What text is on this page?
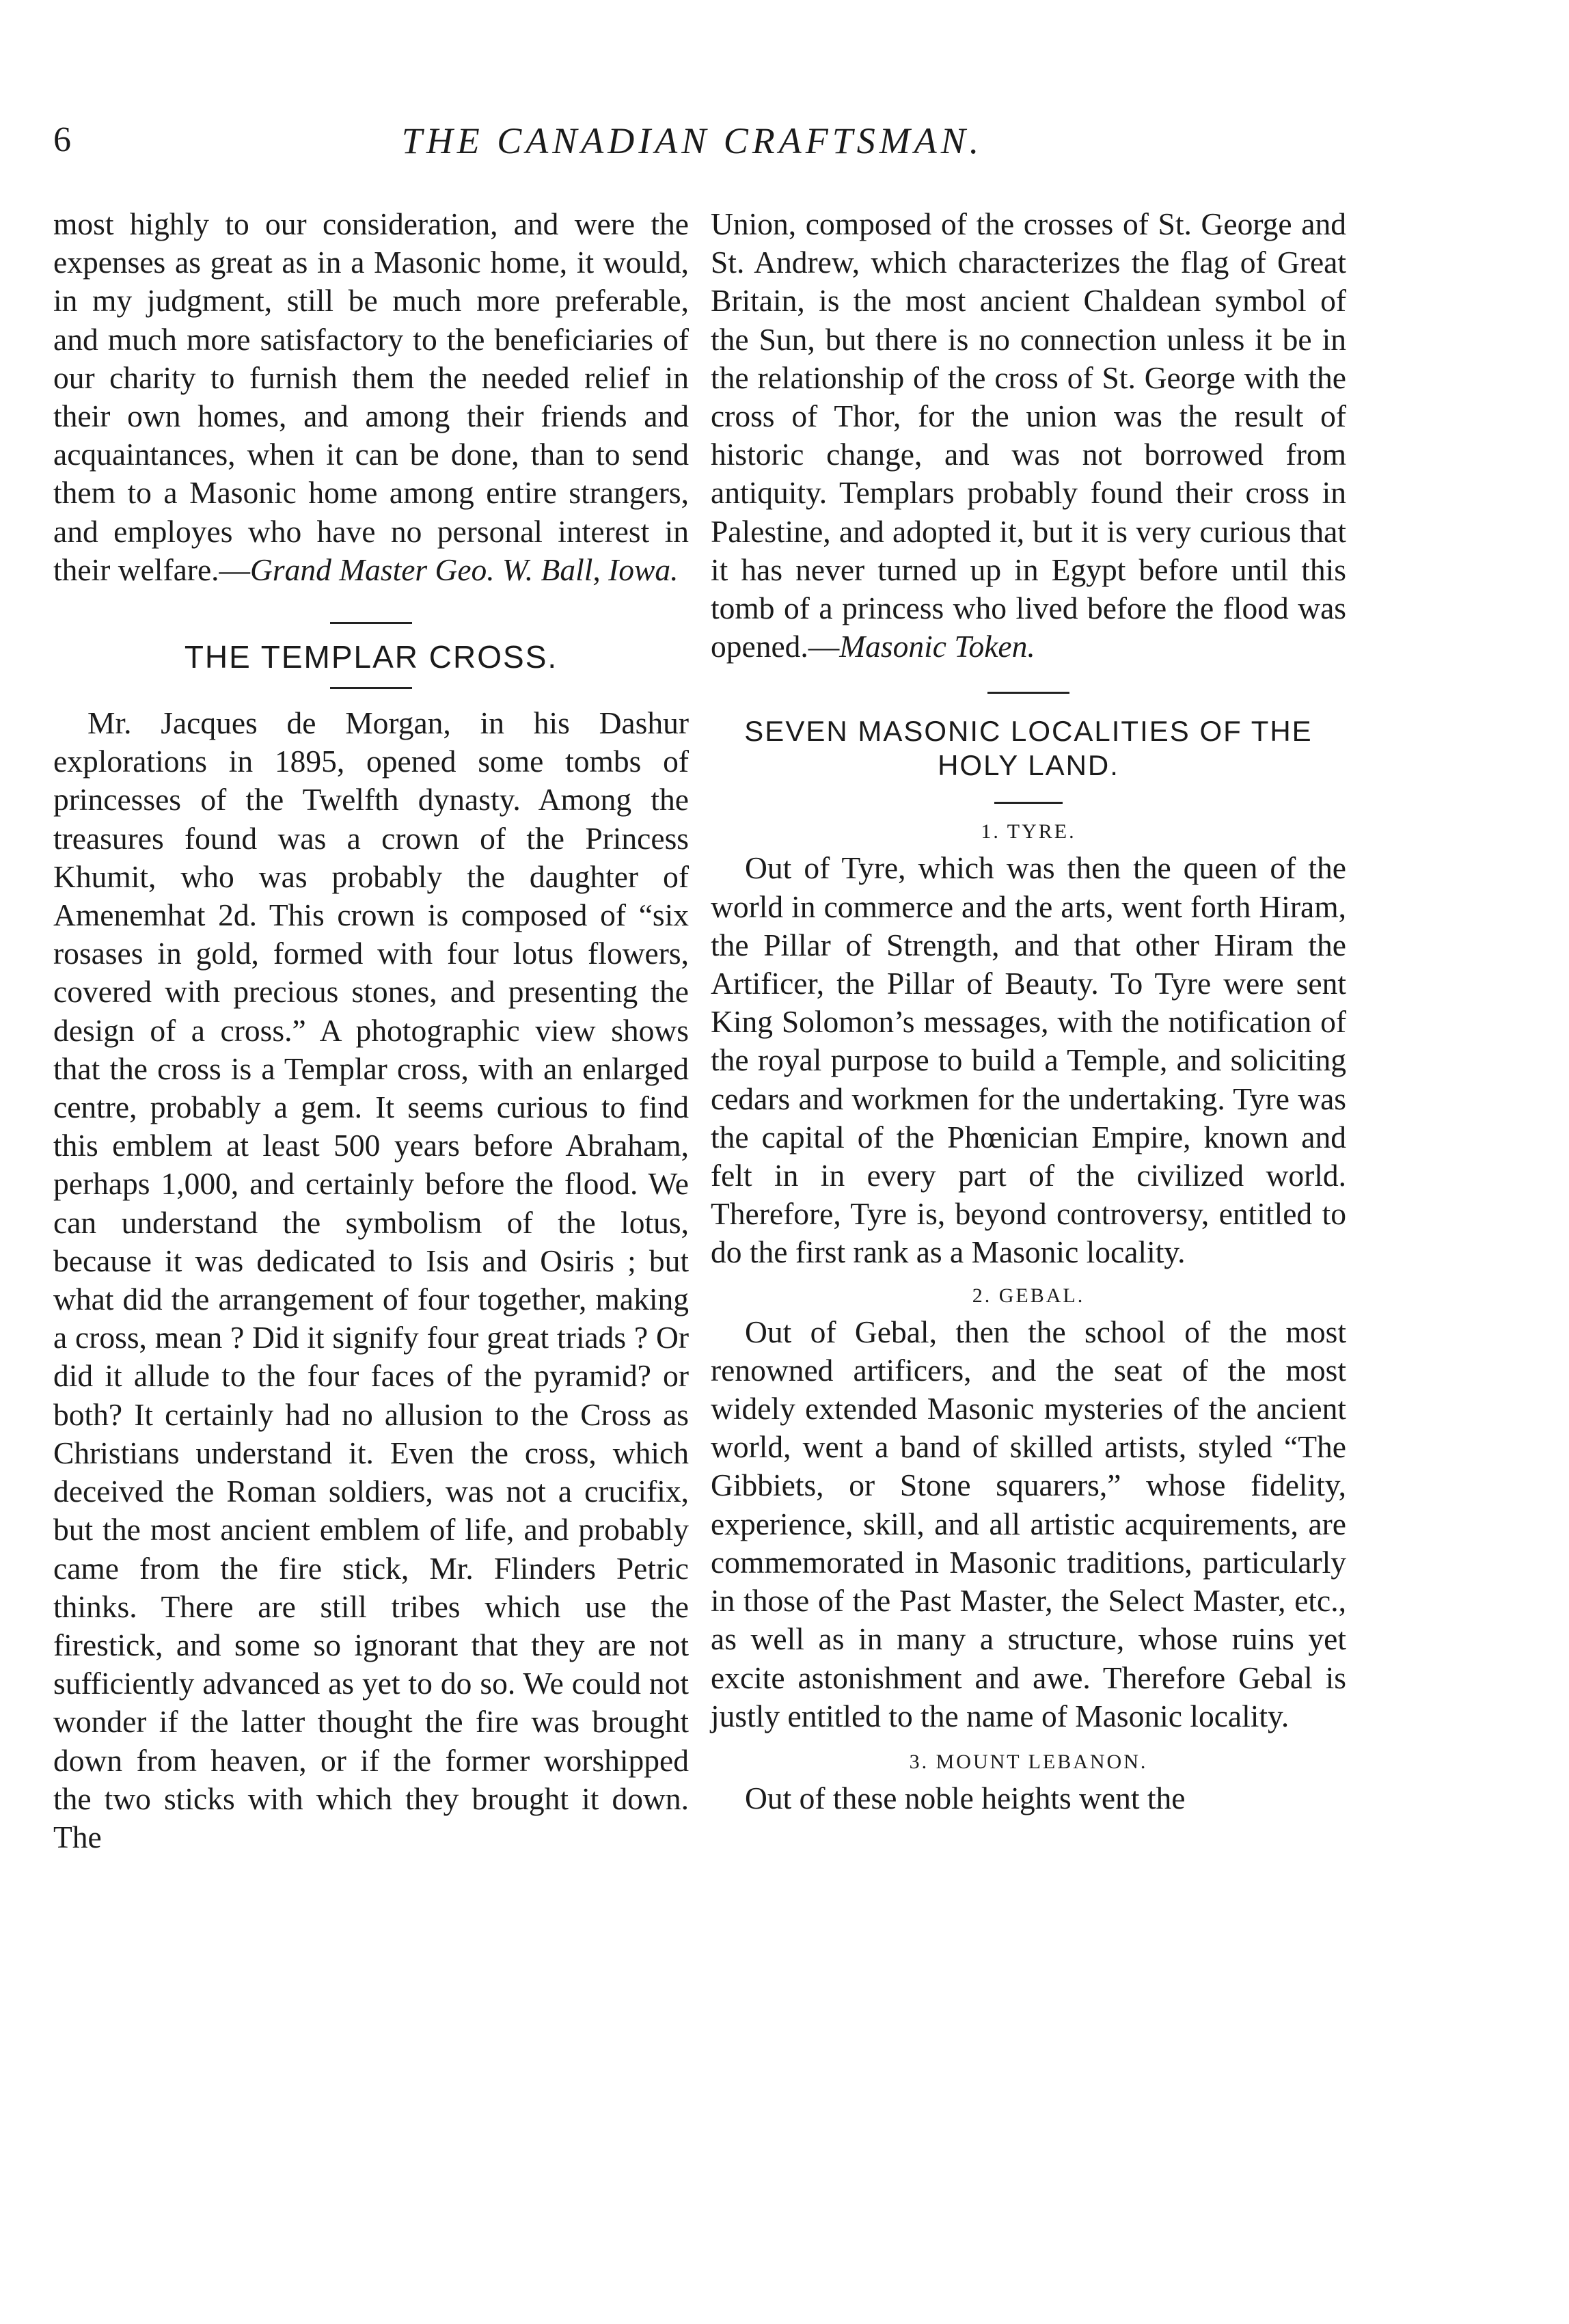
6	THE CANADIAN CRAFTSMAN.

most highly to our consideration, and were the expenses as great as in a Masonic home, it would, in my judgment, still be much more preferable, and much more satisfactory to the beneficiaries of our charity to furnish them the needed relief in their own homes, and among their friends and acquaintances, when it can be done, than to send them to a Masonic home among entire strangers, and employes who have no personal interest in their welfare.—Grand Master Geo. W. Ball, Iowa.

THE TEMPLAR CROSS.

Mr. Jacques de Morgan, in his Dashur explorations in 1895, opened some tombs of princesses of the Twelfth dynasty. Among the treasures found was a crown of the Princess Khumit, who was probably the daughter of Amenemhat 2d. This crown is composed of “six rosases in gold, formed with four lotus flowers, covered with precious stones, and presenting the design of a cross.” A photographic view shows that the cross is a Templar cross, with an enlarged centre, probably a gem. It seems curious to find this emblem at least 500 years before Abraham, perhaps 1,000, and certainly before the flood. We can understand the symbolism of the lotus, because it was dedicated to Isis and Osiris ; but what did the arrangement of four together, making a cross, mean ? Did it signify four great triads ? Or did it allude to the four faces of the pyramid? or both? It certainly had no allusion to the Cross as Christians understand it. Even the cross, which deceived the Roman soldiers, was not a crucifix, but the most ancient emblem of life, and probably came from the fire stick, Mr. Flinders Petric thinks. There are still tribes which use the firestick, and some so ignorant that they are not sufficiently advanced as yet to do so. We could not wonder if the latter thought the fire was brought down from heaven, or if the former worshipped the two sticks with which they brought it down. The

Union, composed of the crosses of St. George and St. Andrew, which characterizes the flag of Great Britain, is the most ancient Chaldean symbol of the Sun, but there is no connection unless it be in the relationship of the cross of St. George with the cross of Thor, for the union was the result of historic change, and was not borrowed from antiquity. Templars probably found their cross in Palestine, and adopted it, but it is very curious that it has never turned up in Egypt before until this tomb of a princess who lived before the flood was opened.—Masonic Token.

SEVEN MASONIC LOCALITIES OF THE HOLY LAND.
1. TYRE.

Out of Tyre, which was then the queen of the world in commerce and the arts, went forth Hiram, the Pillar of Strength, and that other Hiram the Artificer, the Pillar of Beauty. To Tyre were sent King Solomon’s messages, with the notification of the royal purpose to build a Temple, and soliciting cedars and workmen for the undertaking. Tyre was the capital of the Phœnician Empire, known and felt in in every part of the civilized world. Therefore, Tyre is, beyond controversy, entitled to do the first rank as a Masonic locality.

2. GEBAL.

Out of Gebal, then the school of the most renowned artificers, and the seat of the most widely extended Masonic mysteries of the ancient world, went a band of skilled artists, styled “The Gibbiets, or Stone squarers,” whose fidelity, experience, skill, and all artistic acquirements, are commemorated in Masonic traditions, particularly in those of the Past Master, the Select Master, etc., as well as in many a structure, whose ruins yet excite astonishment and awe. Therefore Gebal is justly entitled to the name of Masonic locality.

3. MOUNT LEBANON.

Out of these noble heights went the
